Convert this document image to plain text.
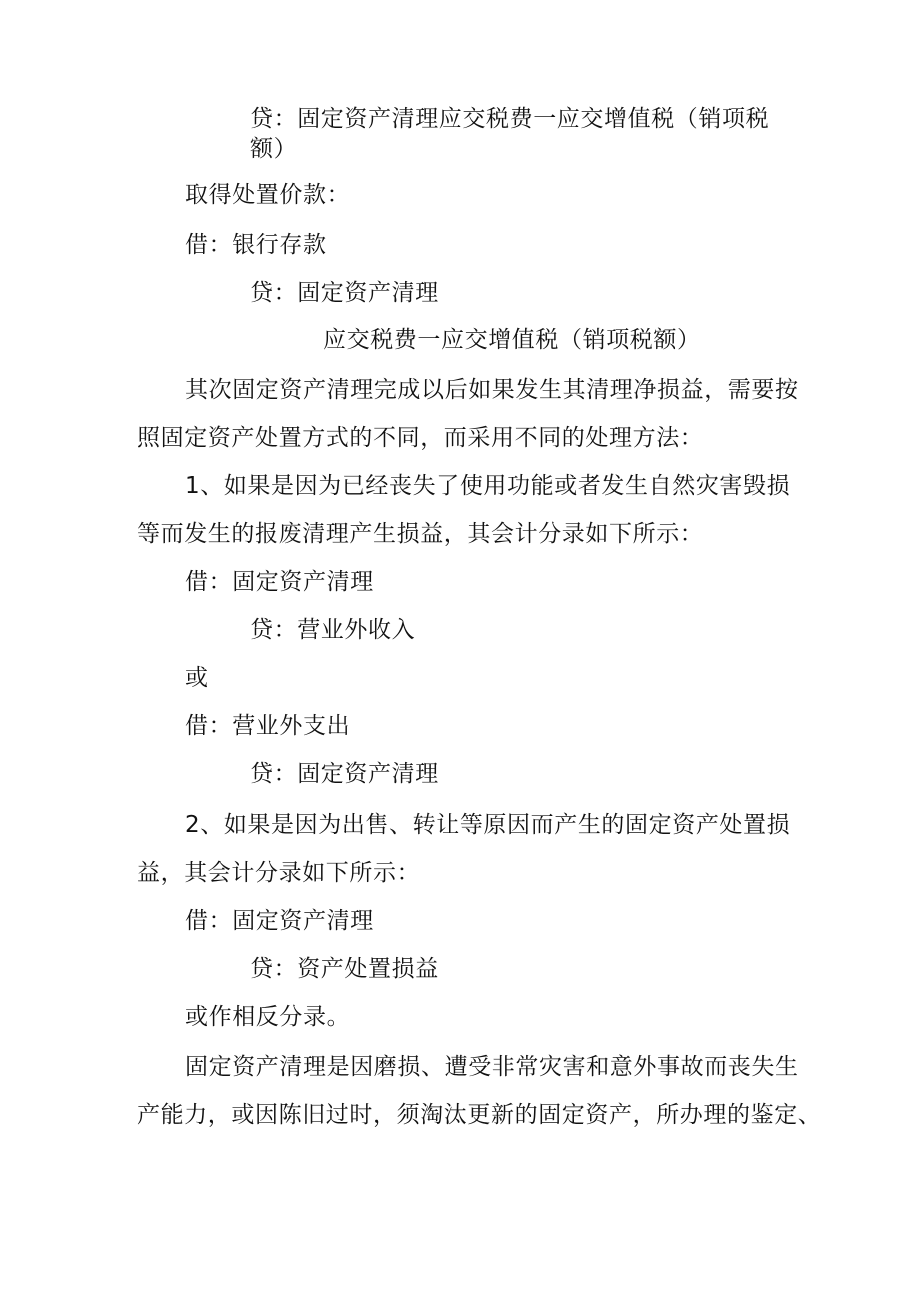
贷：固定资产清理应交税费一应交增值税（销项税
额）
取得处置价款：
借：银行存款
贷：固定资产清理
应交税费一应交增值税（销项税额）
其次固定资产清理完成以后如果发生其清理净损益，需要按
照固定资产处置方式的不同，而采用不同的处理方法：
1、如果是因为已经丧失了使用功能或者发生自然灾害毁损
等而发生的报废清理产生损益，其会计分录如下所示：
借：固定资产清理
贷：营业外收入
或
借：营业外支出
贷：固定资产清理
2、如果是因为出售、转让等原因而产生的固定资产处置损
益，其会计分录如下所示：
借：固定资产清理
贷：资产处置损益
或作相反分录。
固定资产清理是因磨损、遭受非常灾害和意外事故而丧失生
产能力，或因陈旧过时，须淘汰更新的固定资产，所办理的鉴定、
